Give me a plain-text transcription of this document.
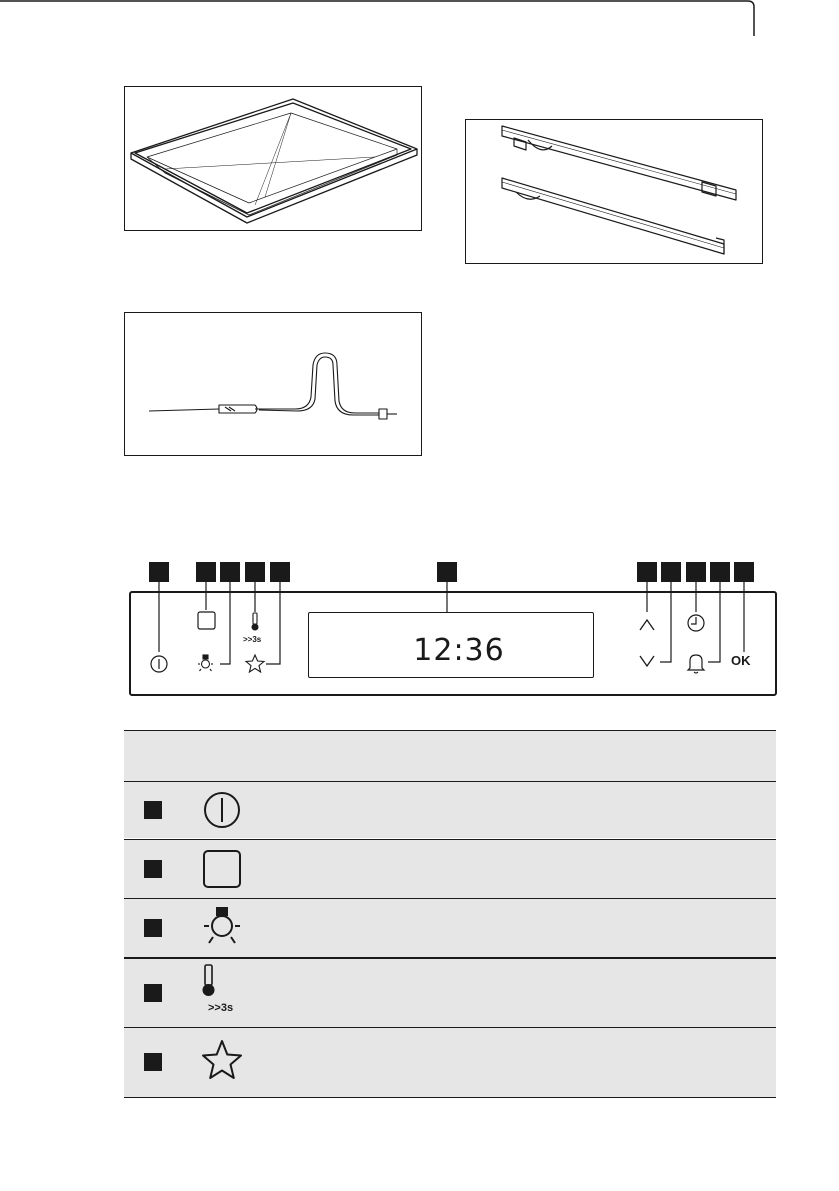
>>3s	12:36	OK
>>3s
